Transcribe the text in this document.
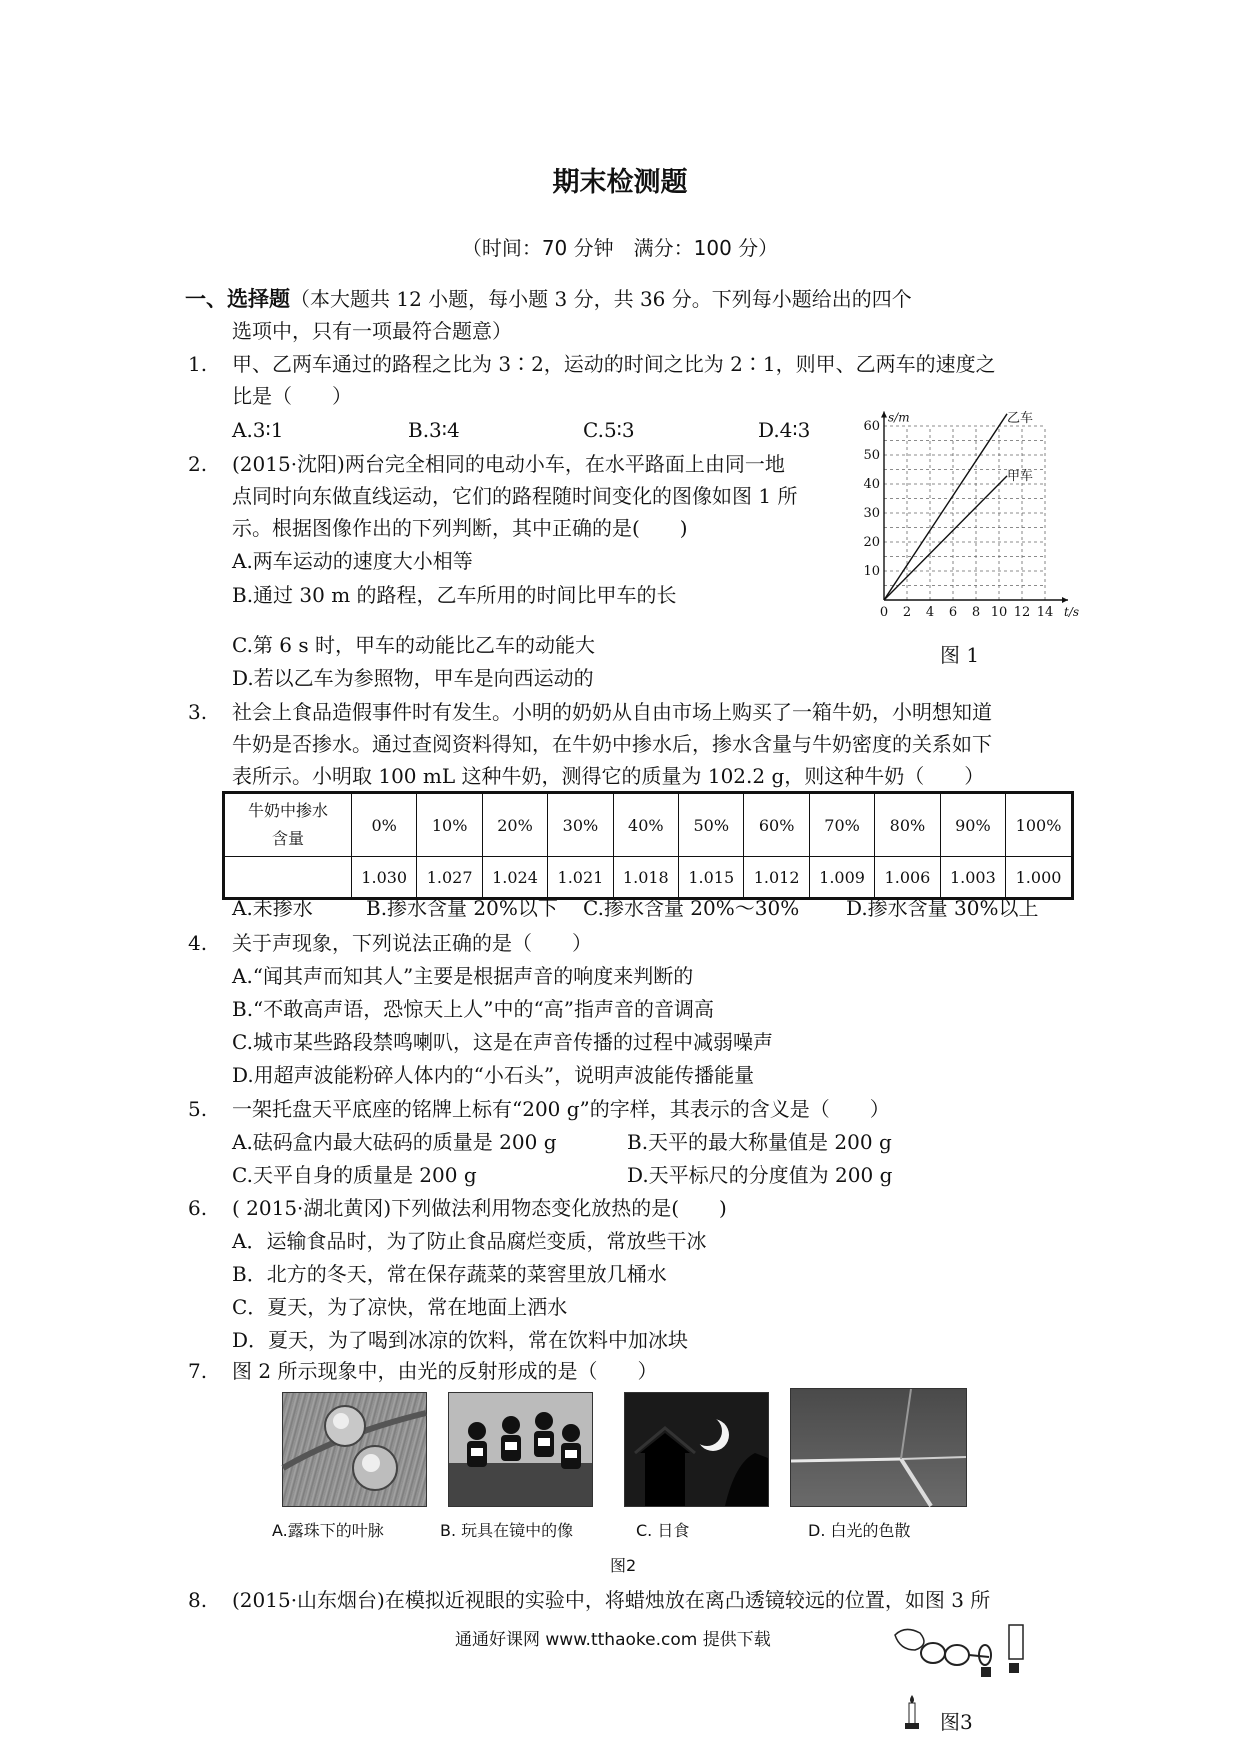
期末检测题
（时间：70 分钟　满分：100 分）
一、选择题（本大题共 12 小题，每小题 3 分，共 36 分。下列每小题给出的四个
选项中，只有一项最符合题意）
1. 甲、乙两车通过的路程之比为 3∶2，运动的时间之比为 2∶1，则甲、乙两车的速度之
比是（　　）
A.3∶1	B.3∶4	C.5∶3	D.4∶3
2. (2015·沈阳)两台完全相同的电动小车，在水平路面上由同一地
点同时向东做直线运动，它们的路程随时间变化的图像如图 1 所
示。根据图像作出的下列判断，其中正确的是(　　)
A.两车运动的速度大小相等
B.通过 30 m 的路程，乙车所用的时间比甲车的长
C.第 6 s 时，甲车的动能比乙车的动能大
D.若以乙车为参照物，甲车是向西运动的
0 2 4 6 8 10 12 14
10
20
30
40
50
60
t/s
s/m	乙车
甲车
图 1
3. 社会上食品造假事件时有发生。小明的奶奶从自由市场上购买了一箱牛奶，小明想知道
牛奶是否掺水。通过查阅资料得知，在牛奶中掺水后，掺水含量与牛奶密度的关系如下
表所示。小明取 100 mL 这种牛奶，测得它的质量为 102.2 g，则这种牛奶（　　）
牛奶中掺水
含量	0%	10%	20%	30%	40%	50%	60%	70%	80%	90%	100%
	1.030	1.027	1.024	1.021	1.018	1.015	1.012	1.009	1.006	1.003	1.000
A.未掺水	B.掺水含量 20%以下 C.掺水含量 20%～30% D.掺水含量 30%以上
4. 关于声现象，下列说法正确的是（　　）
A.“闻其声而知其人”主要是根据声音的响度来判断的
B.“不敢高声语，恐惊天上人”中的“高”指声音的音调高
C.城市某些路段禁鸣喇叭，这是在声音传播的过程中减弱噪声
D.用超声波能粉碎人体内的“小石头”，说明声波能传播能量
5. 一架托盘天平底座的铭牌上标有“200 g”的字样，其表示的含义是（　　）
A.砝码盒内最大砝码的质量是 200 g	B.天平的最大称量值是 200 g
C.天平自身的质量是 200 g	D.天平标尺的分度值为 200 g
6. ( 2015·湖北黄冈)下列做法利用物态变化放热的是(　　)
A．运输食品时，为了防止食品腐烂变质，常放些干冰
B．北方的冬天，常在保存蔬菜的菜窖里放几桶水
C．夏天，为了凉快，常在地面上洒水
D．夏天，为了喝到冰凉的饮料，常在饮料中加冰块
7. 图 2 所示现象中，由光的反射形成的是（　　）
A.露珠下的叶脉	B. 玩具在镜中的像	C. 日食	D. 白光的色散
图2
8. (2015·山东烟台)在模拟近视眼的实验中，将蜡烛放在离凸透镜较远的位置，如图 3 所
图3
通通好课网 www.tthaoke.com 提供下载
